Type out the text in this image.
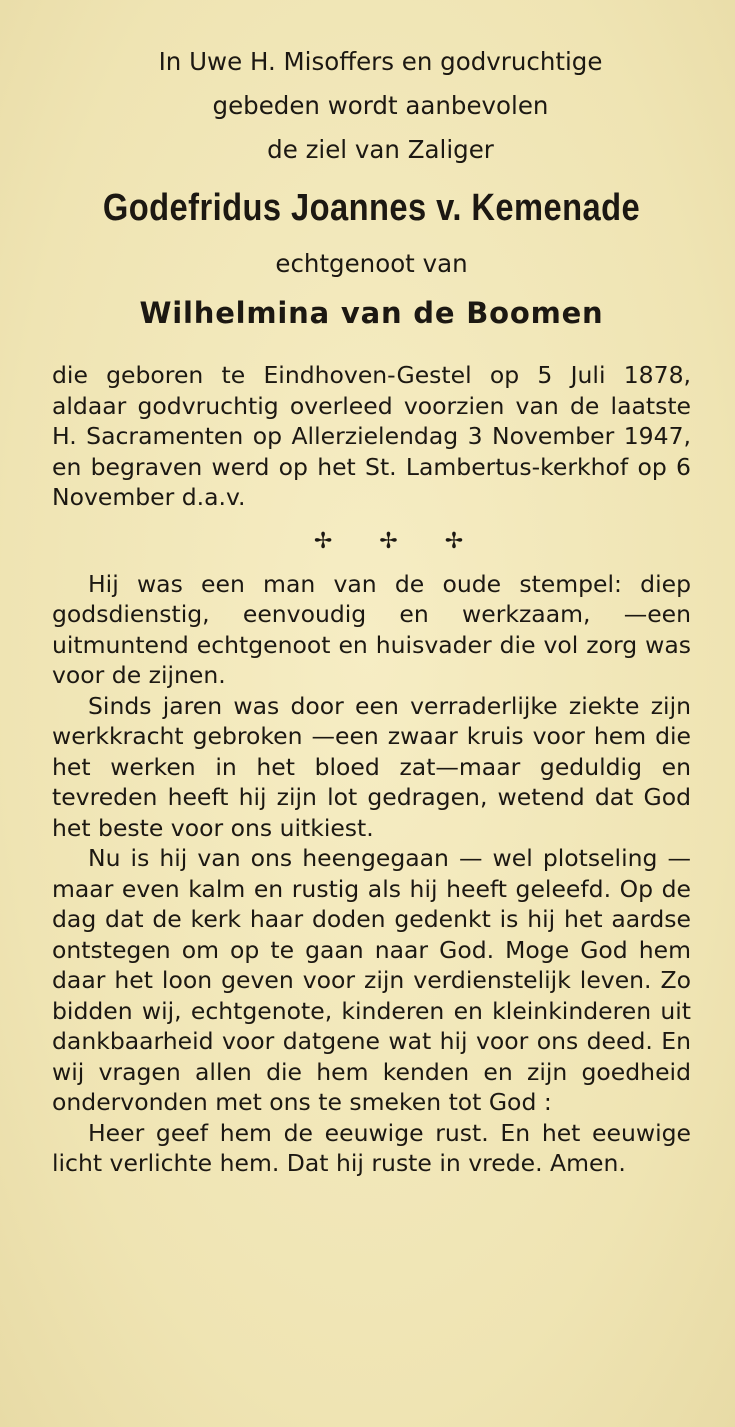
In Uwe H. Misoffers en godvruchtige
gebeden wordt aanbevolen
de ziel van Zaliger

Godefridus Joannes v. Kemenade
echtgenoot van
Wilhelmina van de Boomen

die geboren te Eindhoven-Gestel op 5 Juli 1878, aldaar godvruchtig overleed voorzien van de laatste H. Sacramenten op Allerzielendag 3 November 1947, en begraven werd op het St. Lambertus-kerkhof op 6 November d.a.v.

✢ ✢ ✢

Hij was een man van de oude stempel: diep godsdienstig, eenvoudig en werkzaam, —een uitmuntend echtgenoot en huisvader die vol zorg was voor de zijnen.

Sinds jaren was door een verraderlijke ziekte zijn werkkracht gebroken —een zwaar kruis voor hem die het werken in het bloed zat—maar geduldig en tevreden heeft hij zijn lot gedragen, wetend dat God het beste voor ons uitkiest.

Nu is hij van ons heengegaan — wel plotseling — maar even kalm en rustig als hij heeft geleefd. Op de dag dat de kerk haar doden gedenkt is hij het aardse ontstegen om op te gaan naar God. Moge God hem daar het loon geven voor zijn verdienstelijk leven. Zo bidden wij, echtgenote, kinderen en kleinkinderen uit dankbaarheid voor datgene wat hij voor ons deed. En wij vragen allen die hem kenden en zijn goedheid ondervonden met ons te smeken tot God :

Heer geef hem de eeuwige rust. En het eeuwige licht verlichte hem. Dat hij ruste in vrede. Amen.
